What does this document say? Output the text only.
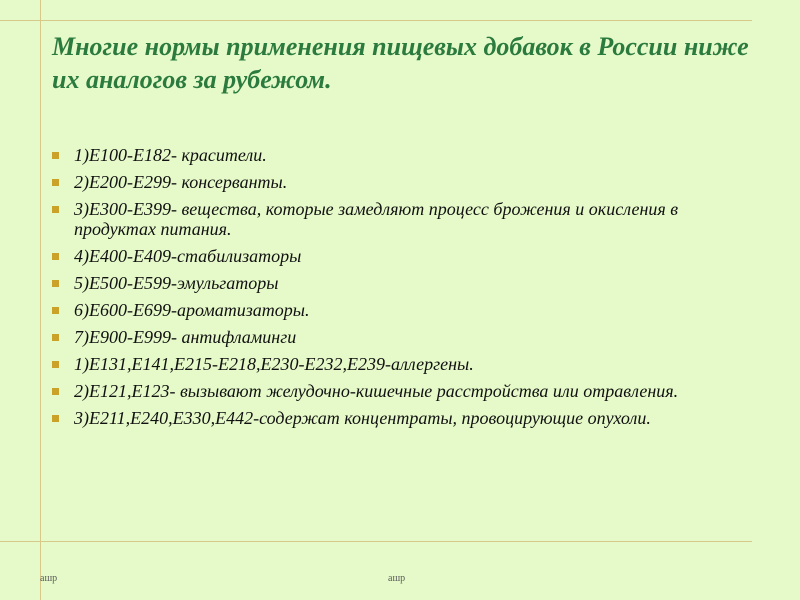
Многие нормы применения пищевых добавок в России ниже их аналогов за рубежом.
1)Е100-Е182- красители.
2)Е200-Е299- консерванты.
3)Е300-Е399- вещества, которые замедляют процесс брожения и окисления в продуктах питания.
4)Е400-Е409-стабилизаторы
5)Е500-Е599-эмульгаторы
6)Е600-Е699-ароматизаторы.
7)Е900-Е999- антифламинги
1)Е131,Е141,Е215-Е218,Е230-Е232,Е239-аллергены.
2)Е121,Е123- вызывают желудочно-кишечные расстройства или отравления.
3)Е211,Е240,Е330,Е442-содержат концентраты, провоцирующие опухоли.
ашр	ашр
